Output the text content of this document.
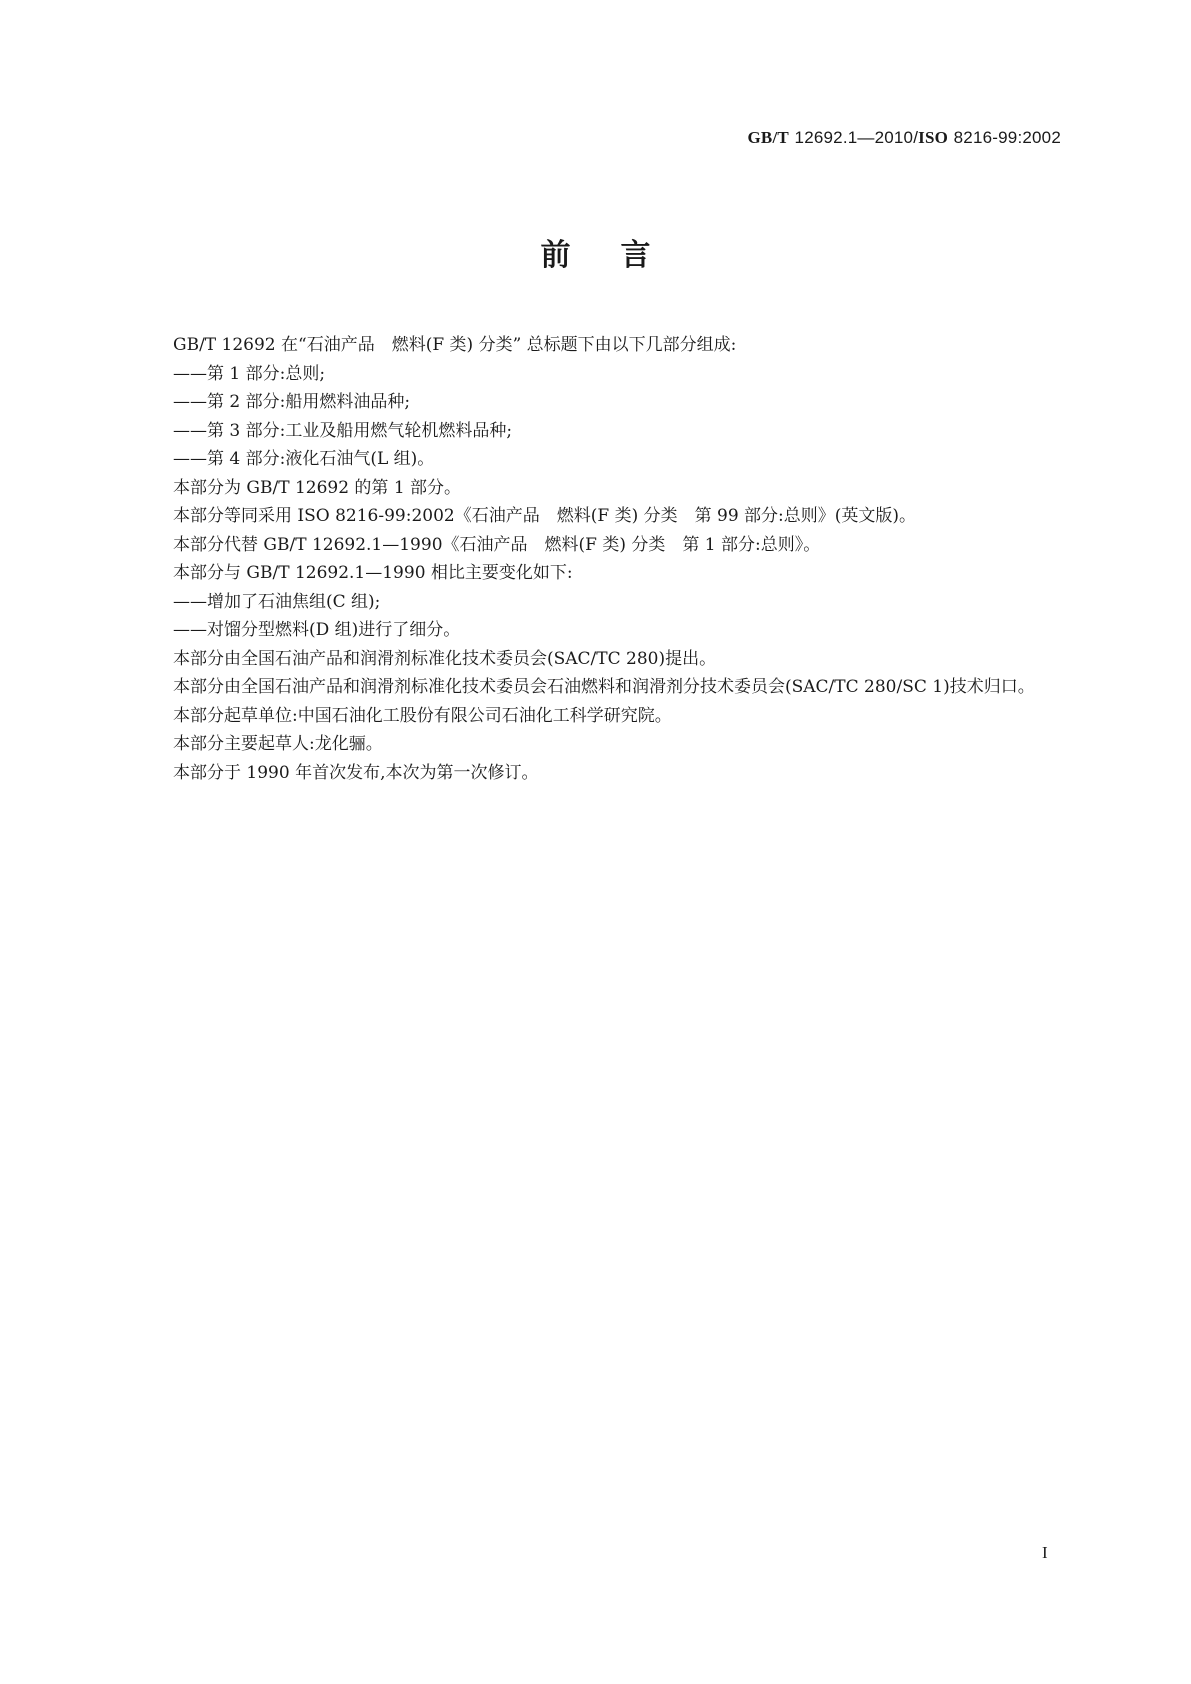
GB/T 12692.1—2010/ISO 8216-99:2002
前言

GB/T 12692 在“石油产品　燃料(F 类) 分类” 总标题下由以下几部分组成:

——第 1 部分:总则;

——第 2 部分:船用燃料油品种;

——第 3 部分:工业及船用燃气轮机燃料品种;

——第 4 部分:液化石油气(L 组)。

本部分为 GB/T 12692 的第 1 部分。

本部分等同采用 ISO 8216-99:2002《石油产品　燃料(F 类) 分类　第 99 部分:总则》(英文版)。

本部分代替 GB/T 12692.1—1990《石油产品　燃料(F 类) 分类　第 1 部分:总则》。

本部分与 GB/T 12692.1—1990 相比主要变化如下:

——增加了石油焦组(C 组);

——对馏分型燃料(D 组)进行了细分。

本部分由全国石油产品和润滑剂标准化技术委员会(SAC/TC 280)提出。

本部分由全国石油产品和润滑剂标准化技术委员会石油燃料和润滑剂分技术委员会(SAC/TC 280/SC 1)技术归口。

本部分起草单位:中国石油化工股份有限公司石油化工科学研究院。

本部分主要起草人:龙化骊。

本部分于 1990 年首次发布,本次为第一次修订。

I
